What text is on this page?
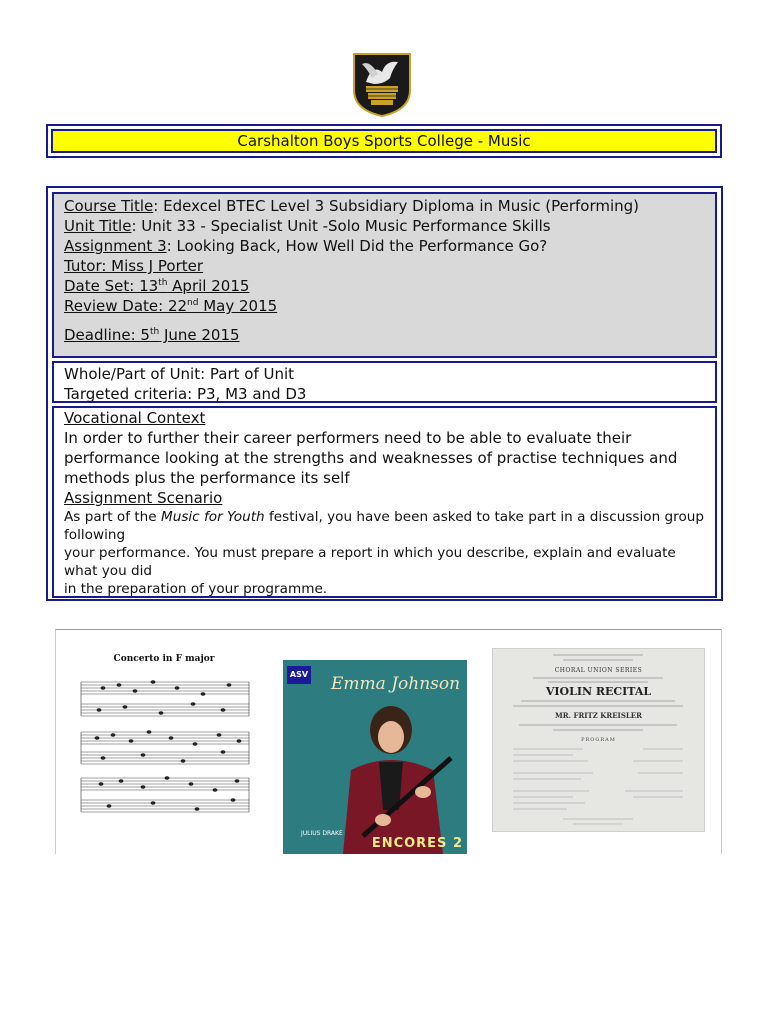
Carshalton Boys Sports College - Music
Course Title: Edexcel BTEC Level 3 Subsidiary Diploma in Music (Performing)
Unit Title: Unit 33 - Specialist Unit -Solo Music Performance Skills
Assignment 3: Looking Back, How Well Did the Performance Go?
Tutor: Miss J Porter
Date Set: 13th April 2015
Review Date: 22nd May 2015
Deadline: 5th June 2015
Whole/Part of Unit: Part of Unit
Targeted criteria: P3, M3 and D3
Vocational Context
In order to further their career performers need to be able to evaluate their performance looking at the strengths and weaknesses of practise techniques and methods plus the performance its self
Assignment Scenario
As part of the Music for Youth festival, you have been asked to take part in a discussion group following
your performance. You must prepare a report in which you describe, explain and evaluate what you did
in the preparation of your programme.
Concerto in F major
ASV Emma Johnson
JULIUS DRAKE
ENCORES 2
CHORAL UNION SERIES
VIOLIN RECITAL
MR. FRITZ KREISLER
PROGRAM
